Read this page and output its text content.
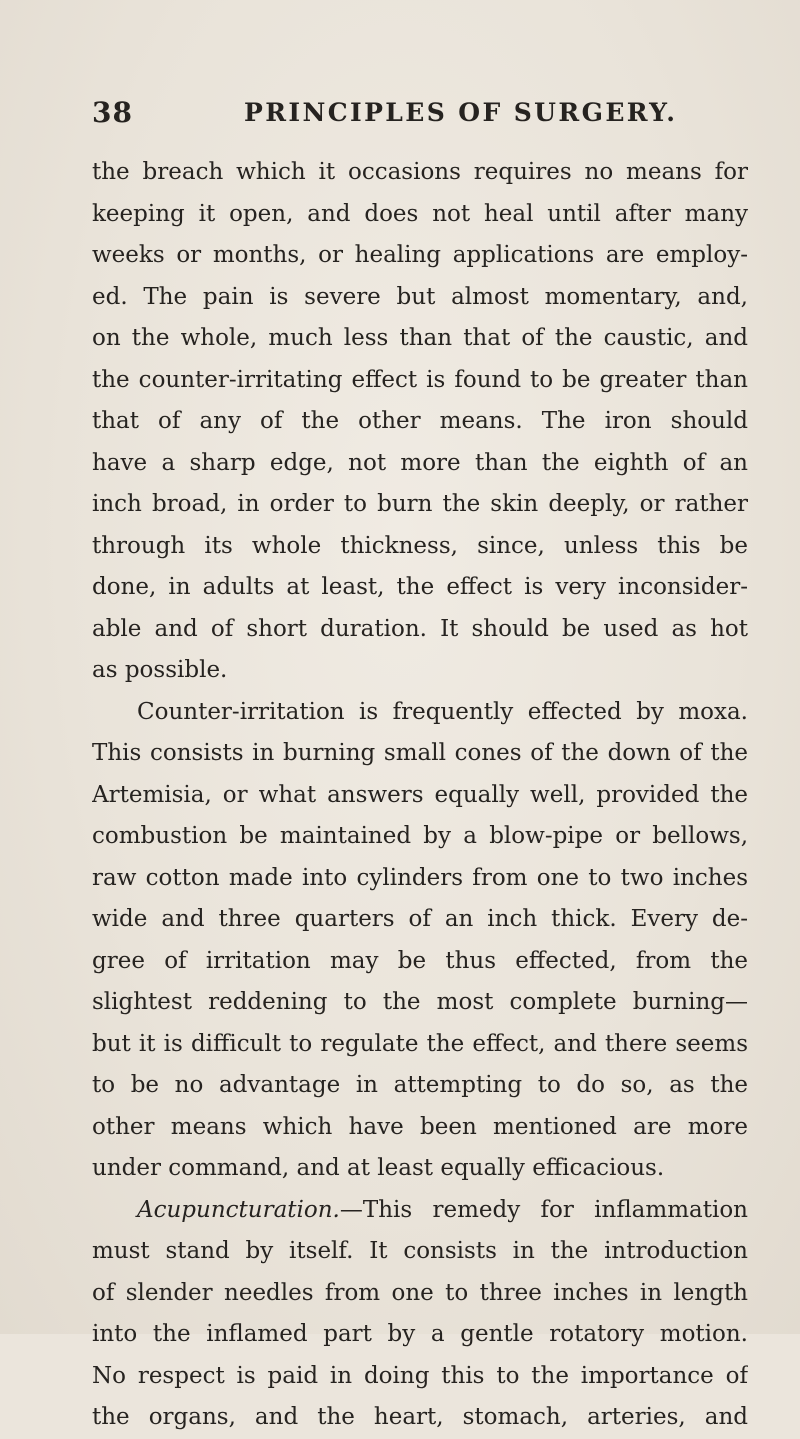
38	PRINCIPLES OF SURGERY.
the breach which it occasions requires no means for
keeping it open, and does not heal until after many
weeks or months, or healing applications are employ-
ed. The pain is severe but almost momentary, and,
on the whole, much less than that of the caustic, and
the counter-irritating effect is found to be greater than
that of any of the other means. The iron should
have a sharp edge, not more than the eighth of an
inch broad, in order to burn the skin deeply, or rather
through its whole thickness, since, unless this be
done, in adults at least, the effect is very inconsider-
able and of short duration. It should be used as hot
as possible.
Counter-irritation is frequently effected by moxa.
This consists in burning small cones of the down of the
Artemisia, or what answers equally well, provided the
combustion be maintained by a blow-pipe or bellows,
raw cotton made into cylinders from one to two inches
wide and three quarters of an inch thick. Every de-
gree of irritation may be thus effected, from the
slightest reddening to the most complete burning—
but it is difficult to regulate the effect, and there seems
to be no advantage in attempting to do so, as the
other means which have been mentioned are more
under command, and at least equally efficacious.
Acupuncturation.—This remedy for inflammation
must stand by itself. It consists in the introduction
of slender needles from one to three inches in length
into the inflamed part by a gentle rotatory motion.
No respect is paid in doing this to the importance of
the organs, and the heart, stomach, arteries, and
